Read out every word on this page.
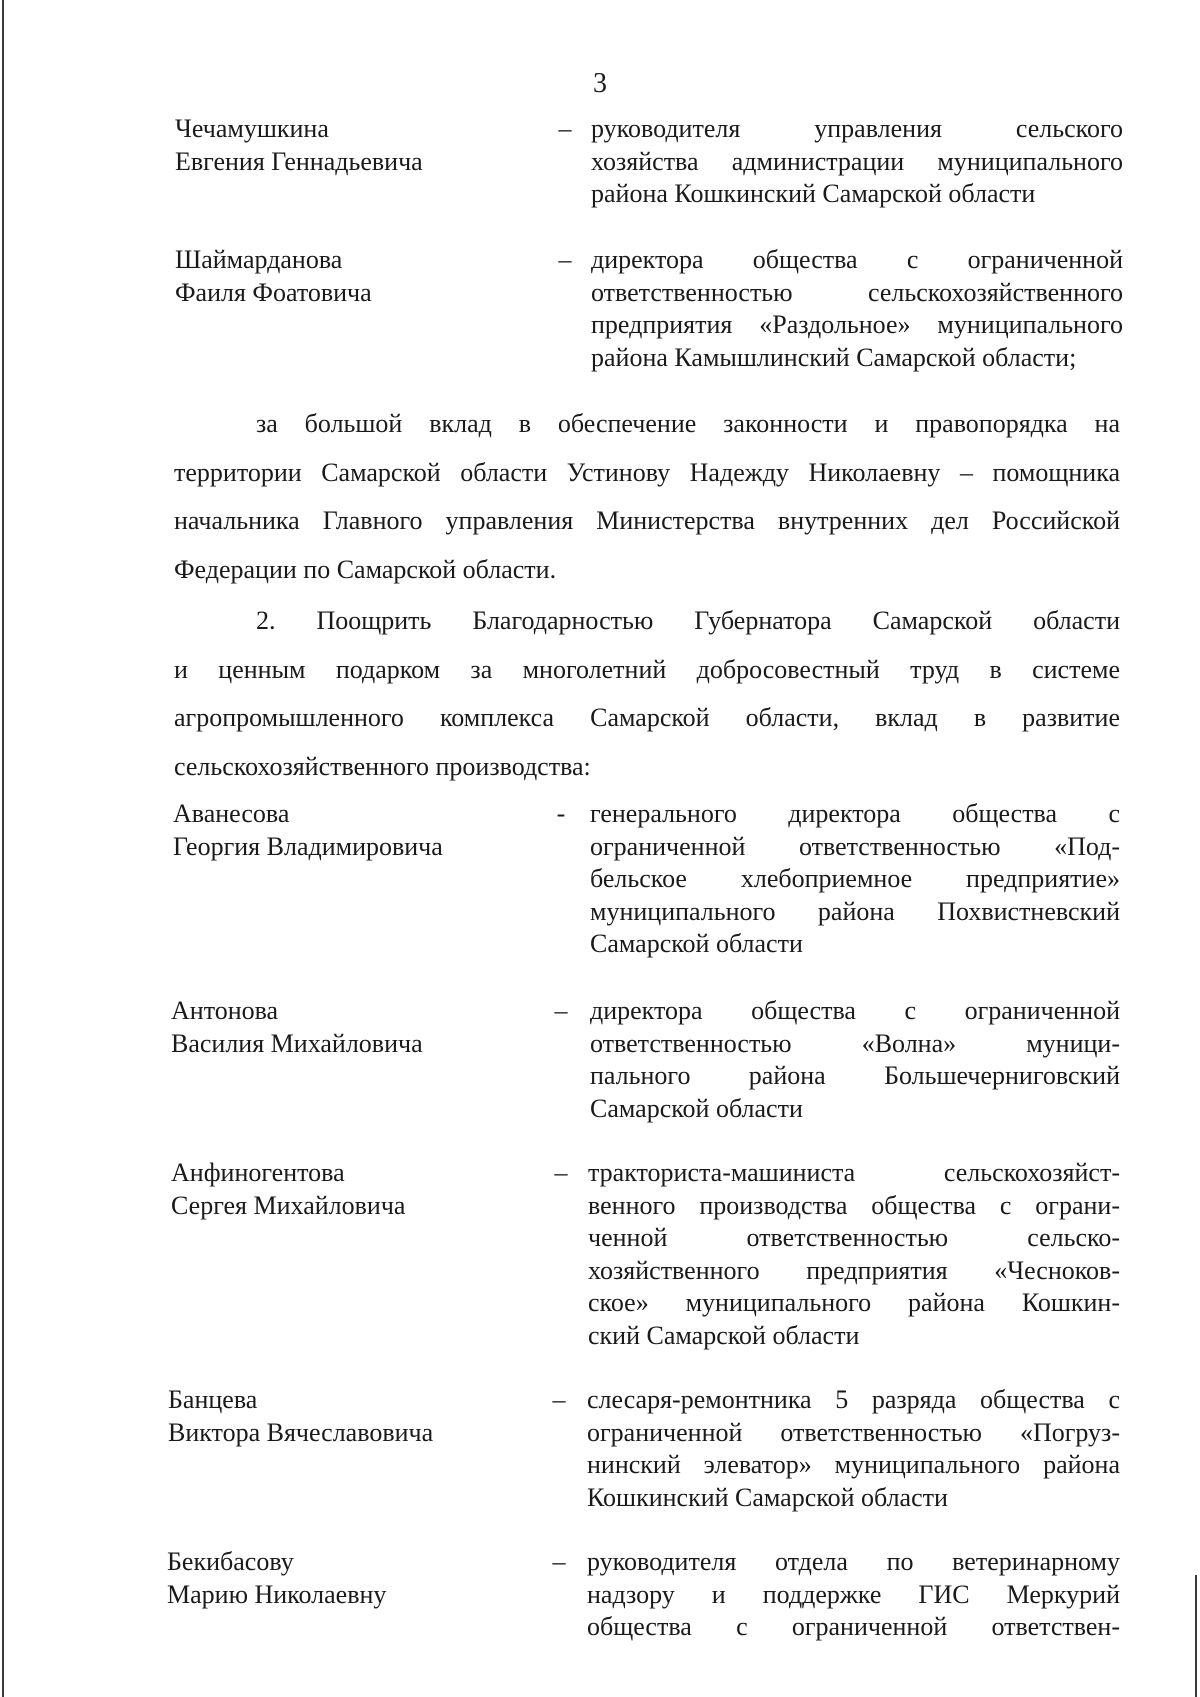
3
Чечамушкина
Евгения Геннадьевича
– руководителя управления сельского
хозяйства администрации муниципального
района Кошкинский Самарской области
Шаймарданова
Фаиля Фоатовича
– директора общества с ограниченной
ответственностью сельскохозяйственного
предприятия «Раздольное» муниципального
района Камышлинский Самарской области;
за большой вклад в обеспечение законности и правопорядка на
территории Самарской области Устинову Надежду Николаевну – помощника
начальника Главного управления Министерства внутренних дел Российской
Федерации по Самарской области.
2. Поощрить Благодарностью Губернатора Самарской области
и ценным подарком за многолетний добросовестный труд в системе
агропромышленного комплекса Самарской области, вклад в развитие
сельскохозяйственного производства:
Аванесова
Георгия Владимировича
- генерального директора общества с
ограниченной ответственностью «Под-
бельское хлебоприемное предприятие»
муниципального района Похвистневский
Самарской области
Антонова
Василия Михайловича
– директора общества с ограниченной
ответственностью «Волна» муници-
пального района Большечерниговский
Самарской области
Анфиногентова
Сергея Михайловича
– тракториста-машиниста сельскохозяйст-
венного производства общества с ограни-
ченной ответственностью сельско-
хозяйственного предприятия «Чесноков-
ское» муниципального района Кошкин-
ский Самарской области
Банцева
Виктора Вячеславовича
– слесаря-ремонтника 5 разряда общества с
ограниченной ответственностью «Погруз-
нинский элеватор» муниципального района
Кошкинский Самарской области
Бекибасову
Марию Николаевну
– руководителя отдела по ветеринарному
надзору и поддержке ГИС Меркурий
общества с ограниченной ответствен-
